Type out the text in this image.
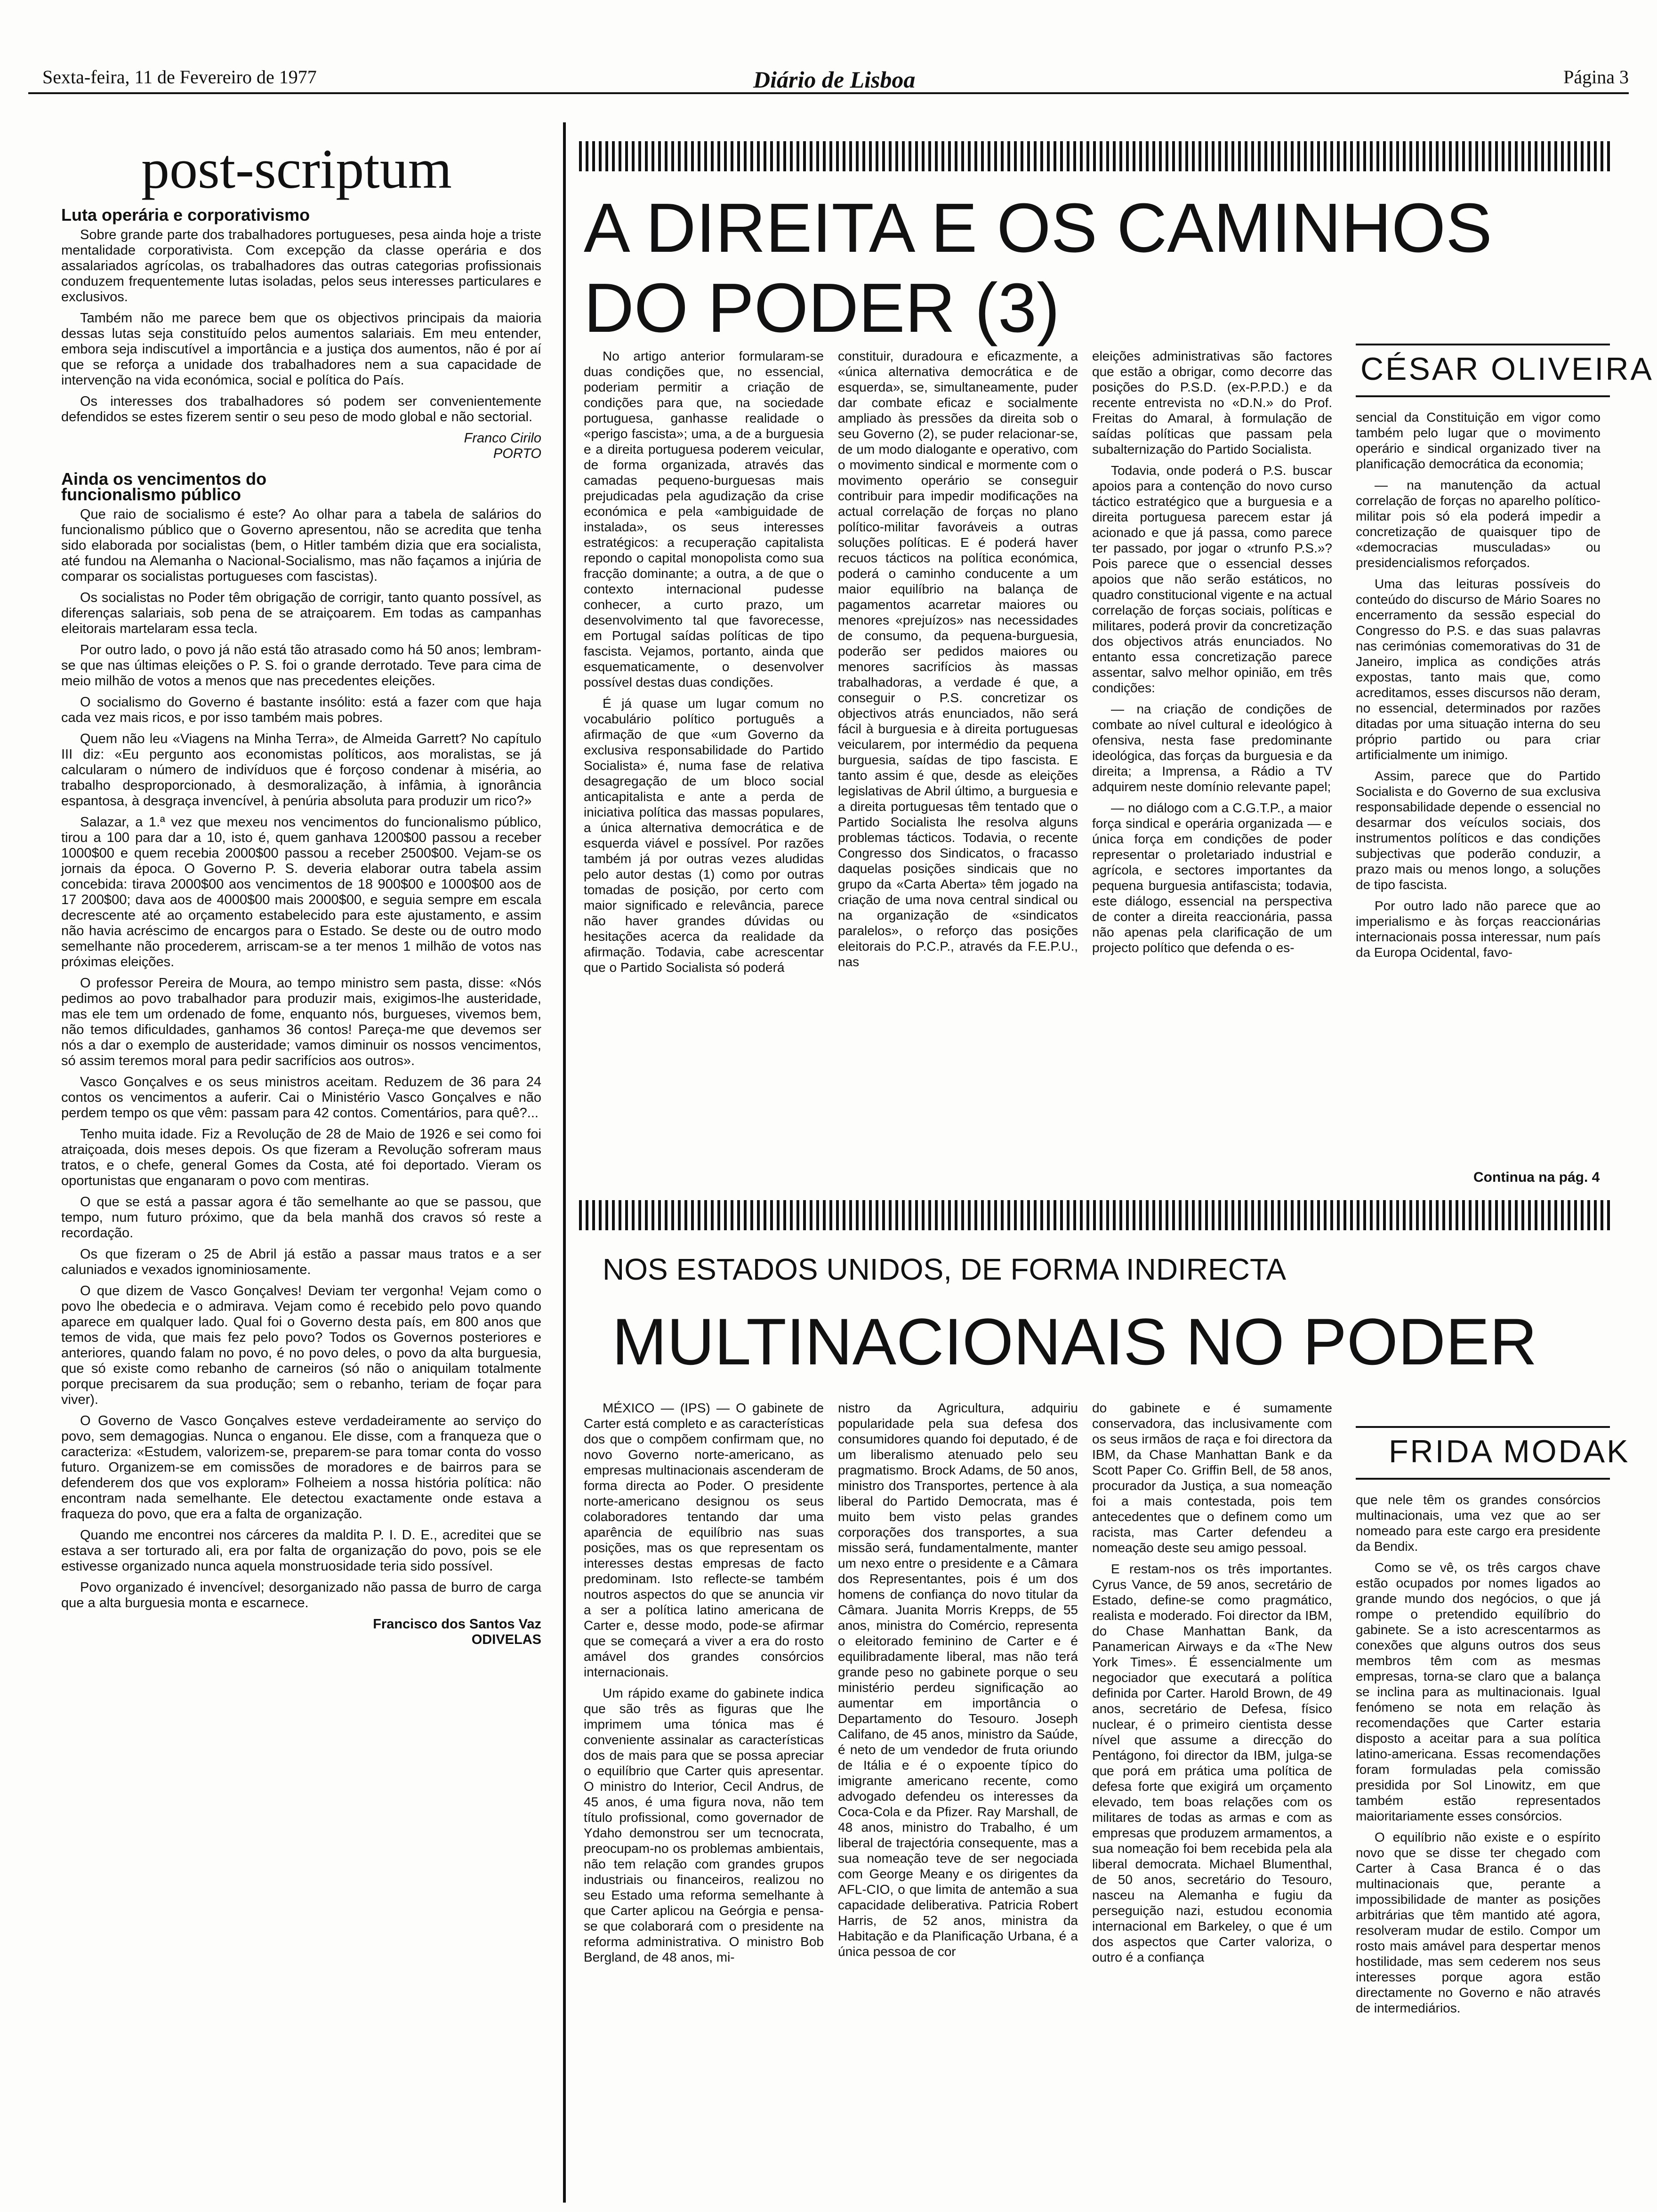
Sexta-feira, 11 de Fevereiro de 1977	Diário de Lisboa	Página 3
post-scriptum
Luta operária e corporativismo

Sobre grande parte dos trabalhadores portugueses, pesa ainda hoje a triste mentalidade corporativista. Com excepção da classe operária e dos assalariados agrícolas, os trabalhadores das outras categorias profissionais conduzem frequentemente lutas isoladas, pelos seus interesses particulares e exclusivos.

Também não me parece bem que os objectivos principais da maioria dessas lutas seja constituído pelos aumentos salariais. Em meu entender, embora seja indiscutível a importância e a justiça dos aumentos, não é por aí que se reforça a unidade dos trabalhadores nem a sua capacidade de intervenção na vida económica, social e política do País.

Os interesses dos trabalhadores só podem ser convenientemente defendidos se estes fizerem sentir o seu peso de modo global e não sectorial.

Franco Cirilo
PORTO
Ainda os vencimentos do funcionalismo público

Que raio de socialismo é este? Ao olhar para a tabela de salários do funcionalismo público que o Governo apresentou, não se acredita que tenha sido elaborada por socialistas (bem, o Hitler também dizia que era socialista, até fundou na Alemanha o Nacional-Socialismo, mas não façamos a injúria de comparar os socialistas portugueses com fascistas).

Os socialistas no Poder têm obrigação de corrigir, tanto quanto possível, as diferenças salariais, sob pena de se atraiçoarem. Em todas as campanhas eleitorais martelaram essa tecla.

Por outro lado, o povo já não está tão atrasado como há 50 anos; lembram-se que nas últimas eleições o P. S. foi o grande derrotado. Teve para cima de meio milhão de votos a menos que nas precedentes eleições.

O socialismo do Governo é bastante insólito: está a fazer com que haja cada vez mais ricos, e por isso também mais pobres.

Quem não leu «Viagens na Minha Terra», de Almeida Garrett? No capítulo III diz: «Eu pergunto aos economistas políticos, aos moralistas, se já calcularam o número de indivíduos que é forçoso condenar à miséria, ao trabalho desproporcionado, à desmoralização, à infâmia, à ignorância espantosa, à desgraça invencível, à penúria absoluta para produzir um rico?»

Salazar, a 1.ª vez que mexeu nos vencimentos do funcionalismo público, tirou a 100 para dar a 10, isto é, quem ganhava 1200$00 passou a receber 1000$00 e quem recebia 2000$00 passou a receber 2500$00. Vejam-se os jornais da época. O Governo P. S. deveria elaborar outra tabela assim concebida: tirava 2000$00 aos vencimentos de 18 900$00 e 1000$00 aos de 17 200$00; dava aos de 4000$00 mais 2000$00, e seguia sempre em escala decrescente até ao orçamento estabelecido para este ajustamento, e assim não havia acréscimo de encargos para o Estado. Se deste ou de outro modo semelhante não procederem, arriscam-se a ter menos 1 milhão de votos nas próximas eleições.

O professor Pereira de Moura, ao tempo ministro sem pasta, disse: «Nós pedimos ao povo trabalhador para produzir mais, exigimos-lhe austeridade, mas ele tem um ordenado de fome, enquanto nós, burgueses, vivemos bem, não temos dificuldades, ganhamos 36 contos! Pareça-me que devemos ser nós a dar o exemplo de austeridade; vamos diminuir os nossos vencimentos, só assim teremos moral para pedir sacrifícios aos outros».

Vasco Gonçalves e os seus ministros aceitam. Reduzem de 36 para 24 contos os vencimentos a auferir. Cai o Ministério Vasco Gonçalves e não perdem tempo os que vêm: passam para 42 contos. Comentários, para quê?...

Tenho muita idade. Fiz a Revolução de 28 de Maio de 1926 e sei como foi atraiçoada, dois meses depois. Os que fizeram a Revolução sofreram maus tratos, e o chefe, general Gomes da Costa, até foi deportado. Vieram os oportunistas que enganaram o povo com mentiras.

O que se está a passar agora é tão semelhante ao que se passou, que tempo, num futuro próximo, que da bela manhã dos cravos só reste a recordação.

Os que fizeram o 25 de Abril já estão a passar maus tratos e a ser caluniados e vexados ignominiosamente.

O que dizem de Vasco Gonçalves! Deviam ter vergonha! Vejam como o povo lhe obedecia e o admirava. Vejam como é recebido pelo povo quando aparece em qualquer lado. Qual foi o Governo desta país, em 800 anos que temos de vida, que mais fez pelo povo? Todos os Governos posteriores e anteriores, quando falam no povo, é no povo deles, o povo da alta burguesia, que só existe como rebanho de carneiros (só não o aniquilam totalmente porque precisarem da sua produção; sem o rebanho, teriam de foçar para viver).

O Governo de Vasco Gonçalves esteve verdadeiramente ao serviço do povo, sem demagogias. Nunca o enganou. Ele disse, com a franqueza que o caracteriza: «Estudem, valorizem-se, preparem-se para tomar conta do vosso futuro. Organizem-se em comissões de moradores e de bairros para se defenderem dos que vos exploram» Folheiem a nossa história política: não encontram nada semelhante. Ele detectou exactamente onde estava a fraqueza do povo, que era a falta de organização.

Quando me encontrei nos cárceres da maldita P. I. D. E., acreditei que se estava a ser torturado ali, era por falta de organização do povo, pois se ele estivesse organizado nunca aquela monstruosidade teria sido possível.

Povo organizado é invencível; desorganizado não passa de burro de carga que a alta burguesia monta e escarnece.

Francisco dos Santos Vaz
ODIVELAS
A DIREITA E OS CAMINHOS
DO PODER (3)
CÉSAR OLIVEIRA

No artigo anterior formularam-se duas condições que, no essencial, poderiam permitir a criação de condições para que, na sociedade portuguesa, ganhasse realidade o «perigo fascista»; uma, a de a burguesia e a direita portuguesa poderem veicular, de forma organizada, através das camadas pequeno-burguesas mais prejudicadas pela agudização da crise económica e pela «ambiguidade de instalada», os seus interesses estratégicos: a recuperação capitalista repondo o capital monopolista como sua fracção dominante; a outra, a de que o contexto internacional pudesse conhecer, a curto prazo, um desenvolvimento tal que favorecesse, em Portugal saídas políticas de tipo fascista. Vejamos, portanto, ainda que esquematicamente, o desenvolver possível destas duas condições.

É já quase um lugar comum no vocabulário político português a afirmação de que «um Governo da exclusiva responsabilidade do Partido Socialista» é, numa fase de relativa desagregação de um bloco social anticapitalista e ante a perda de iniciativa política das massas populares, a única alternativa democrática e de esquerda viável e possível. Por razões também já por outras vezes aludidas pelo autor destas (1) como por outras tomadas de posição, por certo com maior significado e relevância, parece não haver grandes dúvidas ou hesitações acerca da realidade da afirmação. Todavia, cabe acrescentar que o Partido Socialista só poderá

constituir, duradoura e eficazmente, a «única alternativa democrática e de esquerda», se, simultaneamente, puder dar combate eficaz e socialmente ampliado às pressões da direita sob o seu Governo (2), se puder relacionar-se, de um modo dialogante e operativo, com o movimento sindical e mormente com o movimento operário se conseguir contribuir para impedir modificações na actual correlação de forças no plano político-militar favoráveis a outras soluções políticas. E é poderá haver recuos tácticos na política económica, poderá o caminho conducente a um maior equilíbrio na balança de pagamentos acarretar maiores ou menores «prejuízos» nas necessidades de consumo, da pequena-burguesia, poderão ser pedidos maiores ou menores sacrifícios às massas trabalhadoras, a verdade é que, a conseguir o P.S. concretizar os objectivos atrás enunciados, não será fácil à burguesia e à direita portuguesas veicularem, por intermédio da pequena burguesia, saídas de tipo fascista. E tanto assim é que, desde as eleições legislativas de Abril último, a burguesia e a direita portuguesas têm tentado que o Partido Socialista lhe resolva alguns problemas tácticos. Todavia, o recente Congresso dos Sindicatos, o fracasso daquelas posições sindicais que no grupo da «Carta Aberta» têm jogado na criação de uma nova central sindical ou na organização de «sindicatos paralelos», o reforço das posições eleitorais do P.C.P., através da F.E.P.U., nas

eleições administrativas são factores que estão a obrigar, como decorre das posições do P.S.D. (ex-P.P.D.) e da recente entrevista no «D.N.» do Prof. Freitas do Amaral, à formulação de saídas políticas que passam pela subalternização do Partido Socialista.

Todavia, onde poderá o P.S. buscar apoios para a contenção do novo curso táctico estratégico que a burguesia e a direita portuguesa parecem estar já acionado e que já passa, como parece ter passado, por jogar o «trunfo P.S.»? Pois parece que o essencial desses apoios que não serão estáticos, no quadro constitucional vigente e na actual correlação de forças sociais, políticas e militares, poderá provir da concretização dos objectivos atrás enunciados. No entanto essa concretização parece assentar, salvo melhor opinião, em três condições:

— na criação de condições de combate ao nível cultural e ideológico à ofensiva, nesta fase predominante ideológica, das forças da burguesia e da direita; a Imprensa, a Rádio a TV adquirem neste domínio relevante papel;

— no diálogo com a C.G.T.P., a maior força sindical e operária organizada — e única força em condições de poder representar o proletariado industrial e agrícola, e sectores importantes da pequena burguesia antifascista; todavia, este diálogo, essencial na perspectiva de conter a direita reaccionária, passa não apenas pela clarificação de um projecto político que defenda o es-

sencial da Constituição em vigor como também pelo lugar que o movimento operário e sindical organizado tiver na planificação democrática da economia;

— na manutenção da actual correlação de forças no aparelho político-militar pois só ela poderá impedir a concretização de quaisquer tipo de «democracias musculadas» ou presidencialismos reforçados.

Uma das leituras possíveis do conteúdo do discurso de Mário Soares no encerramento da sessão especial do Congresso do P.S. e das suas palavras nas cerimónias comemorativas do 31 de Janeiro, implica as condições atrás expostas, tanto mais que, como acreditamos, esses discursos não deram, no essencial, determinados por razões ditadas por uma situação interna do seu próprio partido ou para criar artificialmente um inimigo.

Assim, parece que do Partido Socialista e do Governo de sua exclusiva responsabilidade depende o essencial no desarmar dos veículos sociais, dos instrumentos políticos e das condições subjectivas que poderão conduzir, a prazo mais ou menos longo, a soluções de tipo fascista.

Por outro lado não parece que ao imperialismo e às forças reaccionárias internacionais possa interessar, num país da Europa Ocidental, favo-

Continua na pág. 4
NOS ESTADOS UNIDOS, DE FORMA INDIRECTA
MULTINACIONAIS NO PODER
FRIDA MODAK

MÉXICO — (IPS) — O gabinete de Carter está completo e as características dos que o compõem confirmam que, no novo Governo norte-americano, as empresas multinacionais ascenderam de forma directa ao Poder. O presidente norte-americano designou os seus colaboradores tentando dar uma aparência de equilíbrio nas suas posições, mas os que representam os interesses destas empresas de facto predominam. Isto reflecte-se também noutros aspectos do que se anuncia vir a ser a política latino americana de Carter e, desse modo, pode-se afirmar que se começará a viver a era do rosto amável dos grandes consórcios internacionais.

Um rápido exame do gabinete indica que são três as figuras que lhe imprimem uma tónica mas é conveniente assinalar as características dos de mais para que se possa apreciar o equilíbrio que Carter quis apresentar. O ministro do Interior, Cecil Andrus, de 45 anos, é uma figura nova, não tem título profissional, como governador de Ydaho demonstrou ser um tecnocrata, preocupam-no os problemas ambientais, não tem relação com grandes grupos industriais ou financeiros, realizou no seu Estado uma reforma semelhante à que Carter aplicou na Geórgia e pensa-se que colaborará com o presidente na reforma administrativa. O ministro Bob Bergland, de 48 anos, mi-

nistro da Agricultura, adquiriu popularidade pela sua defesa dos consumidores quando foi deputado, é de um liberalismo atenuado pelo seu pragmatismo. Brock Adams, de 50 anos, ministro dos Transportes, pertence à ala liberal do Partido Democrata, mas é muito bem visto pelas grandes corporações dos transportes, a sua missão será, fundamentalmente, manter um nexo entre o presidente e a Câmara dos Representantes, pois é um dos homens de confiança do novo titular da Câmara. Juanita Morris Krepps, de 55 anos, ministra do Comércio, representa o eleitorado feminino de Carter e é equilibradamente liberal, mas não terá grande peso no gabinete porque o seu ministério perdeu significação ao aumentar em importância o Departamento do Tesouro. Joseph Califano, de 45 anos, ministro da Saúde, é neto de um vendedor de fruta oriundo de Itália e é o expoente típico do imigrante americano recente, como advogado defendeu os interesses da Coca-Cola e da Pfizer. Ray Marshall, de 48 anos, ministro do Trabalho, é um liberal de trajectória consequente, mas a sua nomeação teve de ser negociada com George Meany e os dirigentes da AFL-CIO, o que limita de antemão a sua capacidade deliberativa. Patricia Robert Harris, de 52 anos, ministra da Habitação e da Planificação Urbana, é a única pessoa de cor

do gabinete e é sumamente conservadora, das inclusivamente com os seus irmãos de raça e foi directora da IBM, da Chase Manhattan Bank e da Scott Paper Co. Griffin Bell, de 58 anos, procurador da Justiça, a sua nomeação foi a mais contestada, pois tem antecedentes que o definem como um racista, mas Carter defendeu a nomeação deste seu amigo pessoal.

E restam-nos os três importantes. Cyrus Vance, de 59 anos, secretário de Estado, define-se como pragmático, realista e moderado. Foi director da IBM, do Chase Manhattan Bank, da Panamerican Airways e da «The New York Times». É essencialmente um negociador que executará a política definida por Carter. Harold Brown, de 49 anos, secretário de Defesa, físico nuclear, é o primeiro cientista desse nível que assume a direcção do Pentágono, foi director da IBM, julga-se que porá em prática uma política de defesa forte que exigirá um orçamento elevado, tem boas relações com os militares de todas as armas e com as empresas que produzem armamentos, a sua nomeação foi bem recebida pela ala liberal democrata. Michael Blumenthal, de 50 anos, secretário do Tesouro, nasceu na Alemanha e fugiu da perseguição nazi, estudou economia internacional em Barkeley, o que é um dos aspectos que Carter valoriza, o outro é a confiança

que nele têm os grandes consórcios multinacionais, uma vez que ao ser nomeado para este cargo era presidente da Bendix.

Como se vê, os três cargos chave estão ocupados por nomes ligados ao grande mundo dos negócios, o que já rompe o pretendido equilíbrio do gabinete. Se a isto acrescentarmos as conexões que alguns outros dos seus membros têm com as mesmas empresas, torna-se claro que a balança se inclina para as multinacionais. Igual fenómeno se nota em relação às recomendações que Carter estaria disposto a aceitar para a sua política latino-americana. Essas recomendações foram formuladas pela comissão presidida por Sol Linowitz, em que também estão representados maioritariamente esses consórcios.

O equilíbrio não existe e o espírito novo que se disse ter chegado com Carter à Casa Branca é o das multinacionais que, perante a impossibilidade de manter as posições arbitrárias que têm mantido até agora, resolveram mudar de estilo. Compor um rosto mais amável para despertar menos hostilidade, mas sem cederem nos seus interesses porque agora estão directamente no Governo e não através de intermediários.
